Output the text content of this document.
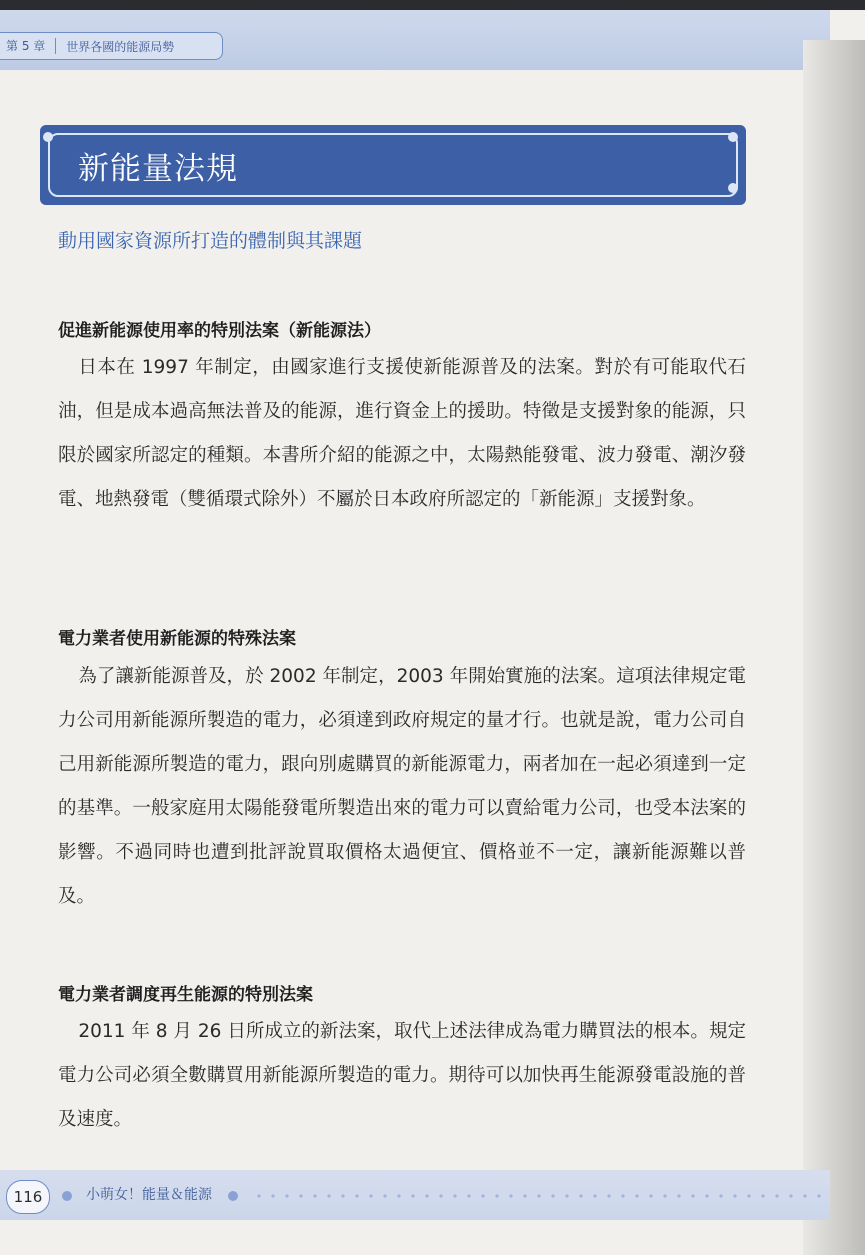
第 5 章	世界各國的能源局勢
新能量法規
動用國家資源所打造的體制與其課題
促進新能源使用率的特別法案（新能源法）
日本在 1997 年制定，由國家進行支援使新能源普及的法案。對於有可能取代石油，但是成本過高無法普及的能源，進行資金上的援助。特徵是支援對象的能源，只限於國家所認定的種類。本書所介紹的能源之中，太陽熱能發電、波力發電、潮汐發電、地熱發電（雙循環式除外）不屬於日本政府所認定的「新能源」支援對象。
電力業者使用新能源的特殊法案
為了讓新能源普及，於 2002 年制定，2003 年開始實施的法案。這項法律規定電力公司用新能源所製造的電力，必須達到政府規定的量才行。也就是說，電力公司自己用新能源所製造的電力，跟向別處購買的新能源電力，兩者加在一起必須達到一定的基準。一般家庭用太陽能發電所製造出來的電力可以賣給電力公司，也受本法案的影響。不過同時也遭到批評說買取價格太過便宜、價格並不一定，讓新能源難以普及。
電力業者調度再生能源的特別法案
2011 年 8 月 26 日所成立的新法案，取代上述法律成為電力購買法的根本。規定電力公司必須全數購買用新能源所製造的電力。期待可以加快再生能源發電設施的普及速度。
116	小萌女！能量＆能源
